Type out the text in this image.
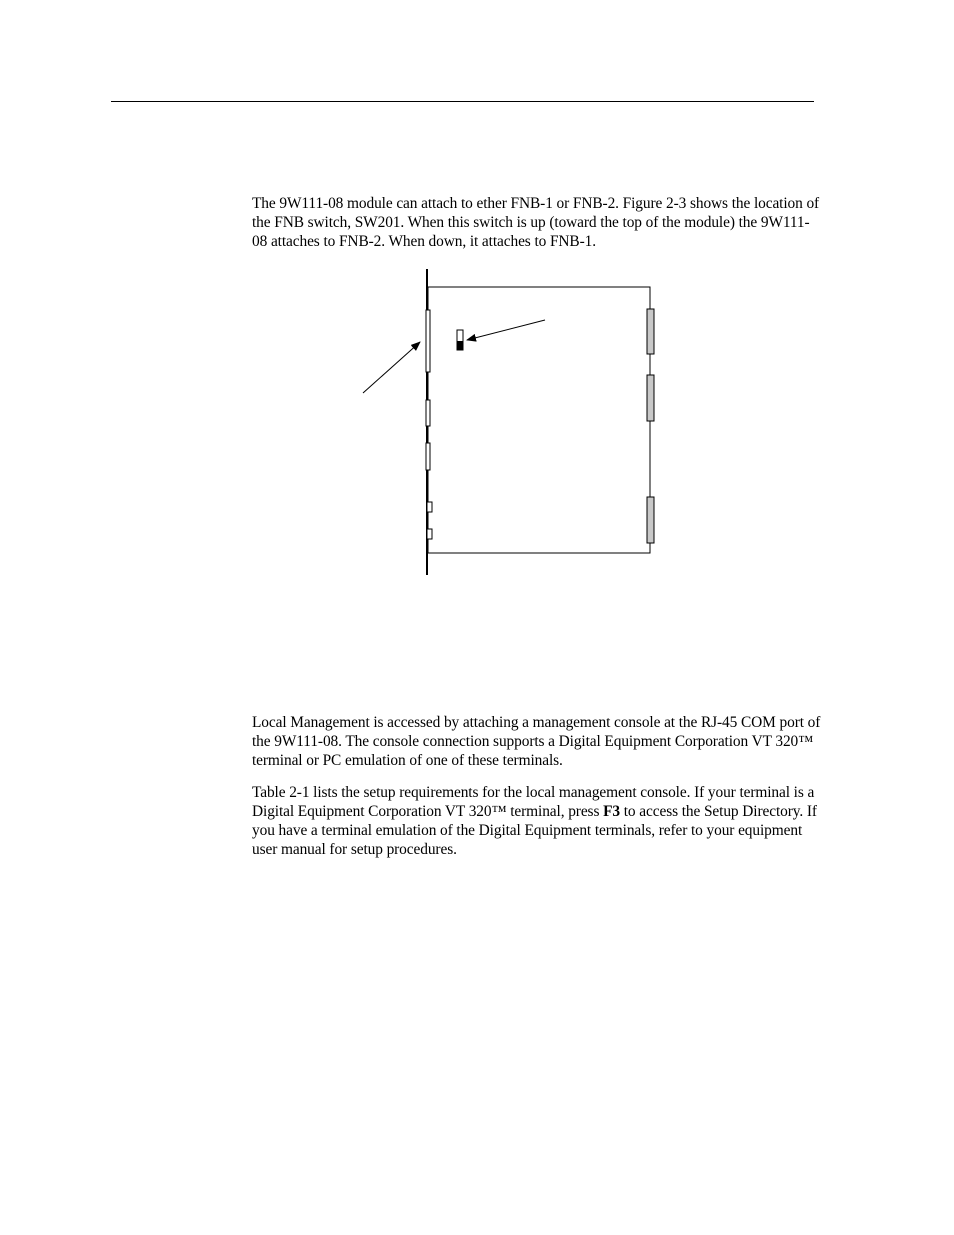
The 9W111-08 module can attach to ether FNB-1 or FNB-2. Figure 2-3 shows the location of the FNB switch, SW201. When this switch is up (toward the top of the module) the 9W111-08 attaches to FNB-2. When down, it attaches to FNB-1.

Local Management is accessed by attaching a management console at the RJ-45 COM port of the 9W111-08. The console connection supports a Digital Equipment Corporation VT 320™ terminal or PC emulation of one of these terminals.

Table 2-1 lists the setup requirements for the local management console. If your terminal is a Digital Equipment Corporation VT 320™ terminal, press F3 to access the Setup Directory. If you have a terminal emulation of the Digital Equipment terminals, refer to your equipment user manual for setup procedures.
